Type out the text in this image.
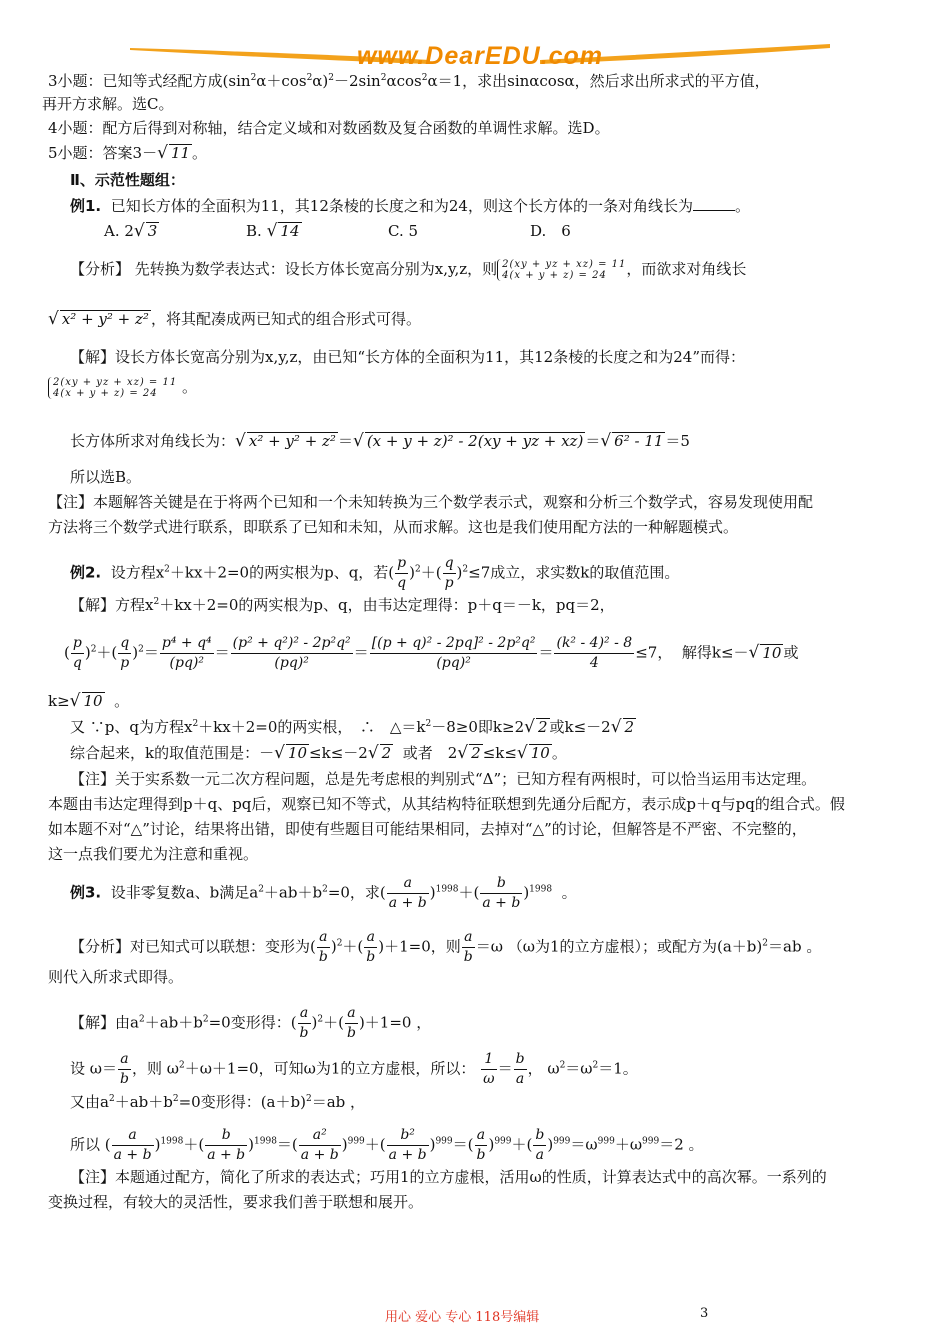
www.DearEDU.com
3小题：已知等式经配方成$(\sin^2\alpha+\cos^2\alpha)^2-2\sin^2\alpha\cos^2\alpha=1$，求出sinαcosα，然后求出所求式的平方值，
再开方求解。选C。
4小题：配方后得到对称轴，结合定义域和对数函数及复合函数的单调性求解。选D。
5小题：答案3－√ 11 。
Ⅱ、示范性题组：
例1. 已知长方体的全面积为11，其12条棱的长度之和为24，则这个长方体的一条对角线长为	。
A. 2√ 3	B. √ 14	C. 5	D.　6
【分析】 先转换为数学表达式：设长方体长宽高分别为x,y,z，则 2(xy + yz + xz) = 11
4(x + y + z) = 24 ，而欲求对角线长
√ x² + y² + z² ，将其配凑成两已知式的组合形式可得。
【解】设长方体长宽高分别为x,y,z，由已知“长方体的全面积为11，其12条棱的长度之和为24”而得：
2(xy + yz + xz) = 11
4(x + y + z) = 24 。
长方体所求对角线长为：√ x² + y² + z² ＝√ (x + y + z)² - 2(xy + yz + xz) ＝√ 6² - 11 ＝5
所以选B。
【注】本题解答关键是在于将两个已知和一个未知转换为三个数学表示式，观察和分析三个数学式，容易发现使用配
方法将三个数学式进行联系，即联系了已知和未知，从而求解。这也是我们使用配方法的一种解题模式。
例2. 设方程$x^2+kx+2=0$的两实根为p、q，若( $\frac{p}{q} )^2+( \frac{q}{p} )^2\le 7$成立，求实数k的取值范围。
【解】方程$x^2+kx+2=0$的两实根为p、q，由韦达定理得：p＋q＝－k，pq＝2，
( $\frac{p}{q} )^2+( \frac{q}{p} )^2= \frac{\text{p⁴ + q⁴}}{\text{(pq)²}} = \frac{\text{(p² + q²)² - 2p²q²}}{\text{(pq)²}} = \frac{\text{[(p + q)² - 2pq]² - 2p²q²}}{\text{(pq)²}} = \frac{\text{(k² - 4)² - 8}}{4} \le 7$， 解得k≤－√ 10 或
k≥√ 10 。
又 ∵p、q为方程$x^2+kx+2=0$的两实根，　∴　$\triangle=k^2-8\ge 0$即k≥2√ 2 或k≤－2√ 2
综合起来，k的取值范围是：－√ 10 ≤k≤－2√ 2 或者　2√ 2 ≤k≤√ 10 。
【注】关于实系数一元二次方程问题，总是先考虑根的判别式“Δ”；已知方程有两根时，可以恰当运用韦达定理。
本题由韦达定理得到p＋q、pq后，观察已知不等式，从其结构特征联想到先通分后配方，表示成p＋q与pq的组合式。假
如本题不对“△”讨论，结果将出错，即使有些题目可能结果相同，去掉对“△”的讨论，但解答是不严密、不完整的，
这一点我们要尤为注意和重视。
例3. 设非零复数a、b满足$a^2+ab+b^2=0$，求( $\frac{a}{a + b} )^{1998}+( \frac{b}{a + b} )^{1998}$ 。
【分析】对已知式可以联想：变形为( $\frac{a}{b} )^2+( \frac{a}{b} )+1=0$，则 $\frac{a}{b} =\omega$ （ω为1的立方虚根）；或配方为$(a+b)^2=ab$ 。
则代入所求式即得。
【解】由$a^2+ab+b^2=0$变形得：( $\frac{a}{b} )^2+( \frac{a}{b} )+1=0$ ，
设 $\omega= \frac{a}{b}$ ，则 $\omega^2+\omega+1=0$，可知ω为1的立方虚根，所以： $\frac{1}{\omega} = \frac{b}{a}$ ， $\omega^2=\omega^2=1$。
又由$a^2+ab+b^2=0$变形得：$(a+b)^2=ab$ ，
所以 ( $\frac{a}{a + b} )^{1998}+( \frac{b}{a + b} )^{1998}=( \frac{\text{a²}}{a + b} )^{999}+( \frac{\text{b²}}{a + b} )^{999}=( \frac{a}{b} )^{999}+( \frac{b}{a} )^{999}=\omega^{999}+\omega^{999}=2$ 。
【注】本题通过配方，简化了所求的表达式；巧用1的立方虚根，活用ω的性质，计算表达式中的高次幂。一系列的
变换过程，有较大的灵活性，要求我们善于联想和展开。
用心 爱心 专心 118号编辑	3
